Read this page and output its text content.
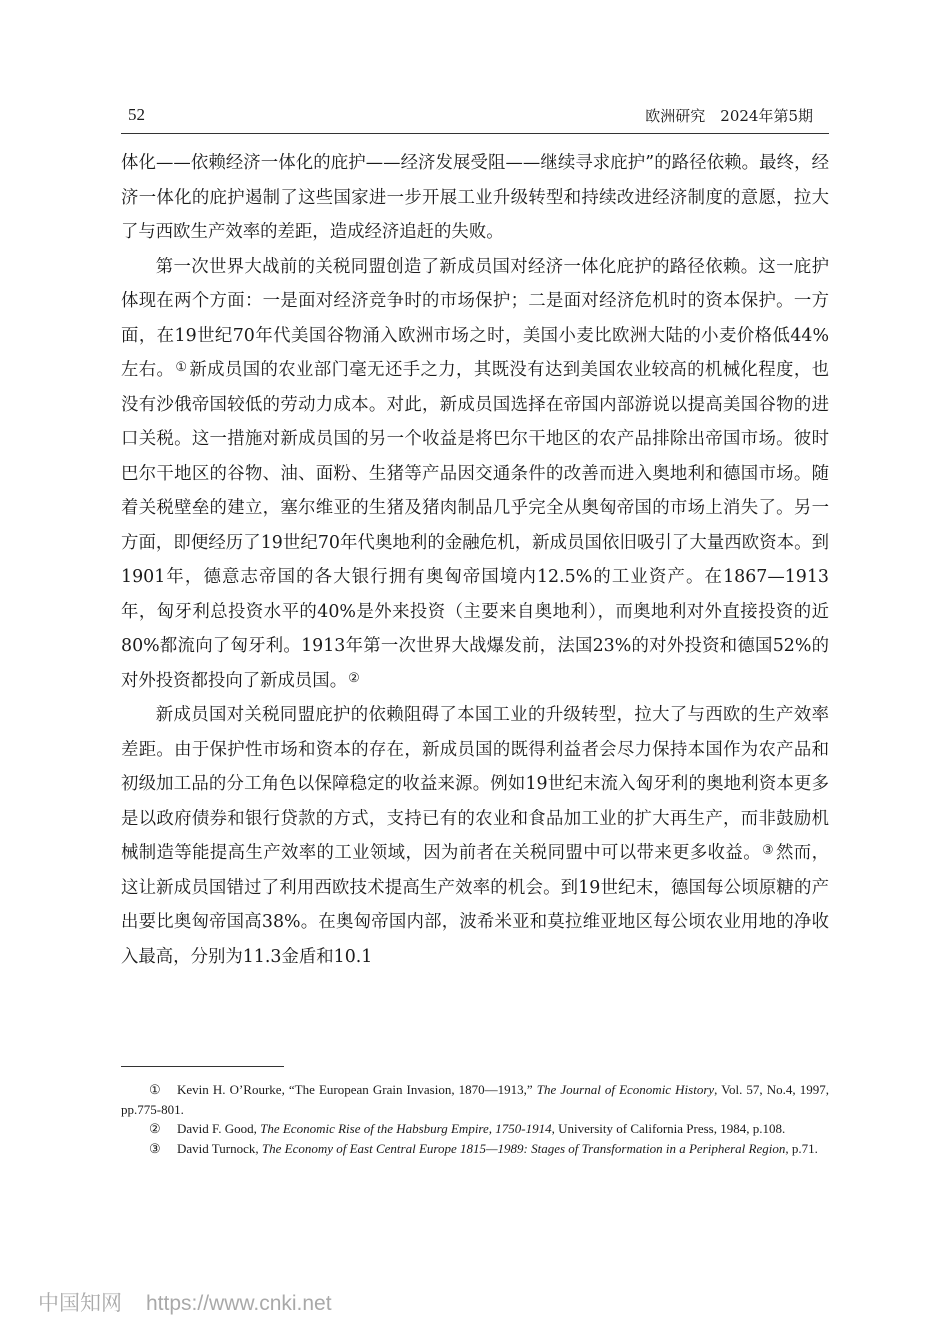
52	欧洲研究　2024年第5期

体化——依赖经济一体化的庇护——经济发展受阻——继续寻求庇护”的路径依赖。最终，经济一体化的庇护遏制了这些国家进一步开展工业升级转型和持续改进经济制度的意愿，拉大了与西欧生产效率的差距，造成经济追赶的失败。

第一次世界大战前的关税同盟创造了新成员国对经济一体化庇护的路径依赖。这一庇护体现在两个方面：一是面对经济竞争时的市场保护；二是面对经济危机时的资本保护。一方面，在19世纪70年代美国谷物涌入欧洲市场之时，美国小麦比欧洲大陆的小麦价格低44%左右。① 新成员国的农业部门毫无还手之力，其既没有达到美国农业较高的机械化程度，也没有沙俄帝国较低的劳动力成本。对此，新成员国选择在帝国内部游说以提高美国谷物的进口关税。这一措施对新成员国的另一个收益是将巴尔干地区的农产品排除出帝国市场。彼时巴尔干地区的谷物、油、面粉、生猪等产品因交通条件的改善而进入奥地利和德国市场。随着关税壁垒的建立，塞尔维亚的生猪及猪肉制品几乎完全从奥匈帝国的市场上消失了。另一方面，即便经历了19世纪70年代奥地利的金融危机，新成员国依旧吸引了大量西欧资本。到1901年，德意志帝国的各大银行拥有奥匈帝国境内12.5%的工业资产。在1867—1913年，匈牙利总投资水平的40%是外来投资（主要来自奥地利），而奥地利对外直接投资的近80%都流向了匈牙利。1913年第一次世界大战爆发前，法国23%的对外投资和德国52%的对外投资都投向了新成员国。②

新成员国对关税同盟庇护的依赖阻碍了本国工业的升级转型，拉大了与西欧的生产效率差距。由于保护性市场和资本的存在，新成员国的既得利益者会尽力保持本国作为农产品和初级加工品的分工角色以保障稳定的收益来源。例如19世纪末流入匈牙利的奥地利资本更多是以政府债券和银行贷款的方式，支持已有的农业和食品加工业的扩大再生产，而非鼓励机械制造等能提高生产效率的工业领域，因为前者在关税同盟中可以带来更多收益。③ 然而，这让新成员国错过了利用西欧技术提高生产效率的机会。到19世纪末，德国每公顷原糖的产出要比奥匈帝国高38%。在奥匈帝国内部，波希米亚和莫拉维亚地区每公顷农业用地的净收入最高，分别为11.3金盾和10.1

① Kevin H. O’Rourke, “The European Grain Invasion, 1870—1913,” The Journal of Economic History, Vol. 57, No.4, 1997, pp.775-801.

② David F. Good, The Economic Rise of the Habsburg Empire, 1750-1914, University of California Press, 1984, p.108.

③ David Turnock, The Economy of East Central Europe 1815—1989: Stages of Transformation in a Peripheral Region, p.71.

中国知网 https://www.cnki.net
